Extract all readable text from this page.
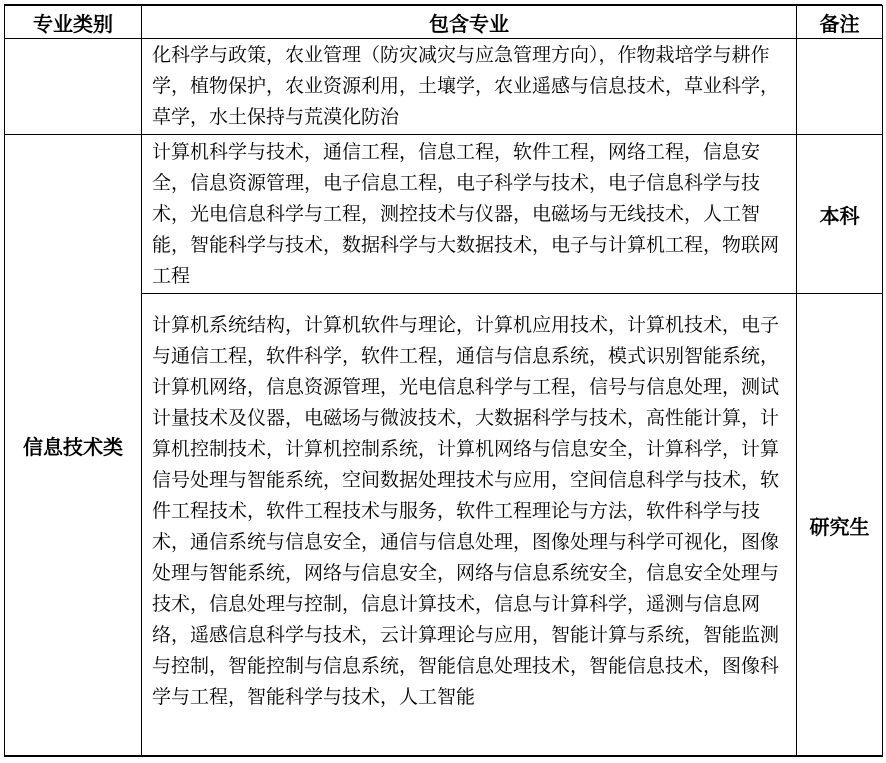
专业类别	包含专业	备注

	化科学与政策，农业管理（防灾减灾与应急管理方向），作物栽培学与耕作学，植物保护，农业资源利用，土壤学，农业遥感与信息技术，草业科学，草学，水土保持与荒漠化防治	

信息技术类	计算机科学与技术，通信工程，信息工程，软件工程，网络工程，信息安全，信息资源管理，电子信息工程，电子科学与技术，电子信息科学与技术，光电信息科学与工程，测控技术与仪器，电磁场与无线技术，人工智能，智能科学与技术，数据科学与大数据技术，电子与计算机工程，物联网工程	本科

	计算机系统结构，计算机软件与理论，计算机应用技术，计算机技术，电子与通信工程，软件科学，软件工程，通信与信息系统，模式识别智能系统，计算机网络，信息资源管理，光电信息科学与工程，信号与信息处理，测试计量技术及仪器，电磁场与微波技术，大数据科学与技术，高性能计算，计算机控制技术，计算机控制系统，计算机网络与信息安全，计算科学，计算信号处理与智能系统，空间数据处理技术与应用，空间信息科学与技术，软件工程技术，软件工程技术与服务，软件工程理论与方法，软件科学与技术，通信系统与信息安全，通信与信息处理，图像处理与科学可视化，图像处理与智能系统，网络与信息安全，网络与信息系统安全，信息安全处理与技术，信息处理与控制，信息计算技术，信息与计算科学，遥测与信息网络，遥感信息科学与技术，云计算理论与应用，智能计算与系统，智能监测与控制，智能控制与信息系统，智能信息处理技术，智能信息技术，图像科学与工程，智能科学与技术，人工智能	研究生
